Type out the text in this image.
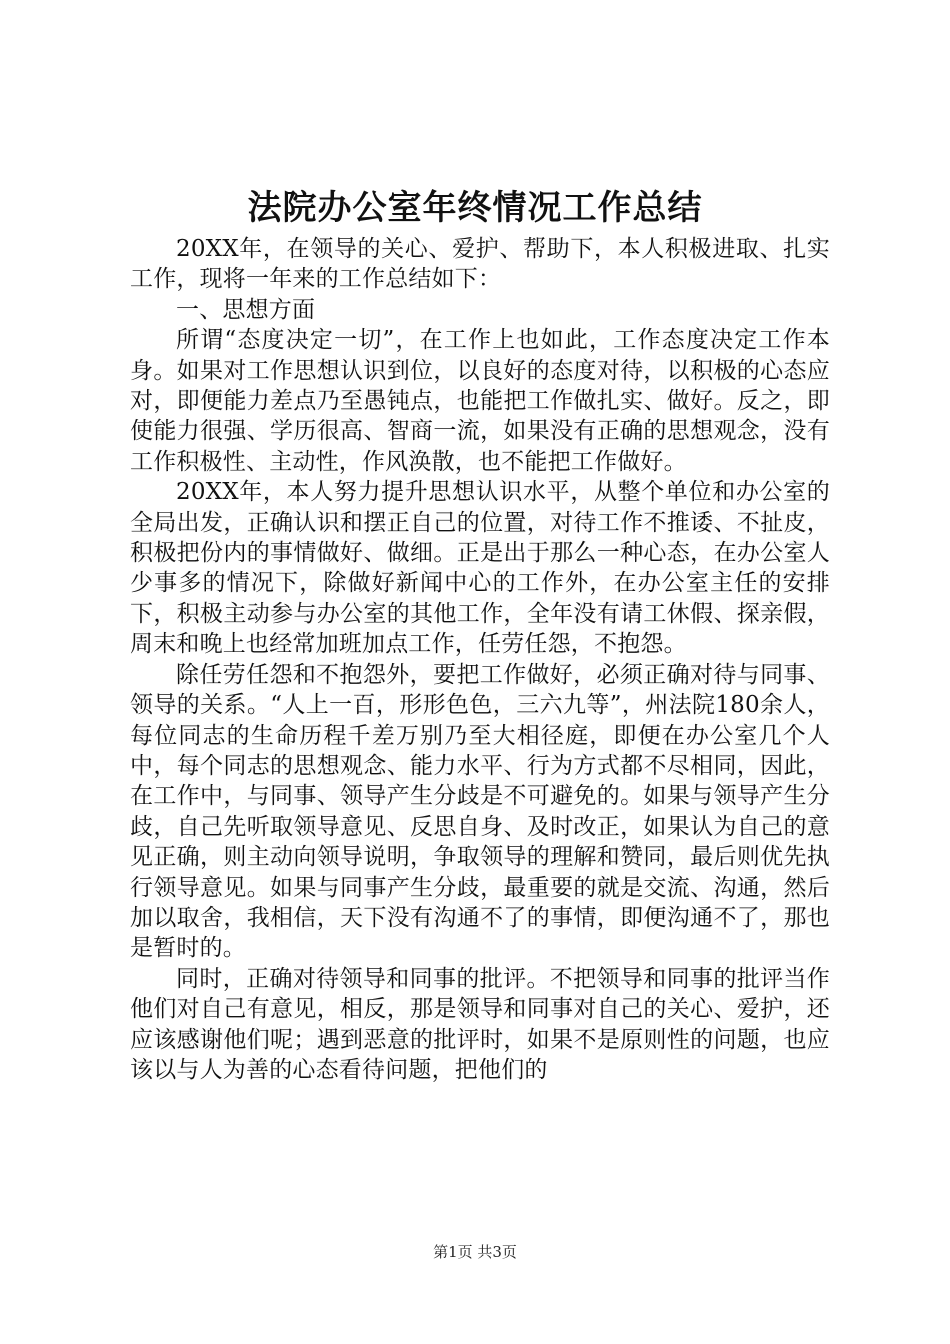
法院办公室年终情况工作总结

20XX年，在领导的关心、爱护、帮助下，本人积极进取、扎实工作，现将一年来的工作总结如下：

一、思想方面

所谓“态度决定一切”，在工作上也如此，工作态度决定工作本身。如果对工作思想认识到位，以良好的态度对待，以积极的心态应对，即便能力差点乃至愚钝点，也能把工作做扎实、做好。反之，即使能力很强、学历很高、智商一流，如果没有正确的思想观念，没有工作积极性、主动性，作风涣散，也不能把工作做好。

20XX年，本人努力提升思想认识水平，从整个单位和办公室的全局出发，正确认识和摆正自己的位置，对待工作不推诿、不扯皮，积极把份内的事情做好、做细。正是出于那么一种心态，在办公室人少事多的情况下，除做好新闻中心的工作外，在办公室主任的安排下，积极主动参与办公室的其他工作，全年没有请工休假、探亲假，周末和晚上也经常加班加点工作，任劳任怨，不抱怨。

除任劳任怨和不抱怨外，要把工作做好，必须正确对待与同事、领导的关系。“人上一百，形形色色，三六九等”，州法院180余人，每位同志的生命历程千差万别乃至大相径庭，即便在办公室几个人中，每个同志的思想观念、能力水平、行为方式都不尽相同，因此，在工作中，与同事、领导产生分歧是不可避免的。如果与领导产生分歧，自己先听取领导意见、反思自身、及时改正，如果认为自己的意见正确，则主动向领导说明，争取领导的理解和赞同，最后则优先执行领导意见。如果与同事产生分歧，最重要的就是交流、沟通，然后加以取舍，我相信，天下没有沟通不了的事情，即便沟通不了，那也是暂时的。

同时，正确对待领导和同事的批评。不把领导和同事的批评当作他们对自己有意见，相反，那是领导和同事对自己的关心、爱护，还应该感谢他们呢；遇到恶意的批评时，如果不是原则性的问题，也应该以与人为善的心态看待问题，把他们的

第1页 共3页
